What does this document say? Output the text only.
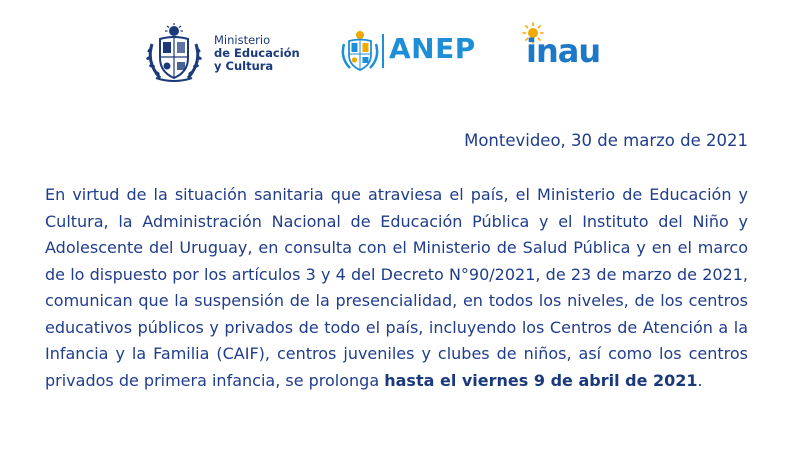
Ministerio
de Educación
y Cultura
ANEP inau
Montevideo, 30 de marzo de 2021

En virtud de la situación sanitaria que atraviesa el país, el Ministerio de Educación y Cultura, la Administración Nacional de Educación Pública y el Instituto del Niño y Adolescente del Uruguay, en consulta con el Ministerio de Salud Pública y en el marco de lo dispuesto por los artículos 3 y 4 del Decreto N°90/2021, de 23 de marzo de 2021, comunican que la suspensión de la presencialidad, en todos los niveles, de los centros educativos públicos y privados de todo el país, incluyendo los Centros de Atención a la Infancia y la Familia (CAIF), centros juveniles y clubes de niños, así como los centros privados de primera infancia, se prolonga hasta el viernes 9 de abril de 2021.
